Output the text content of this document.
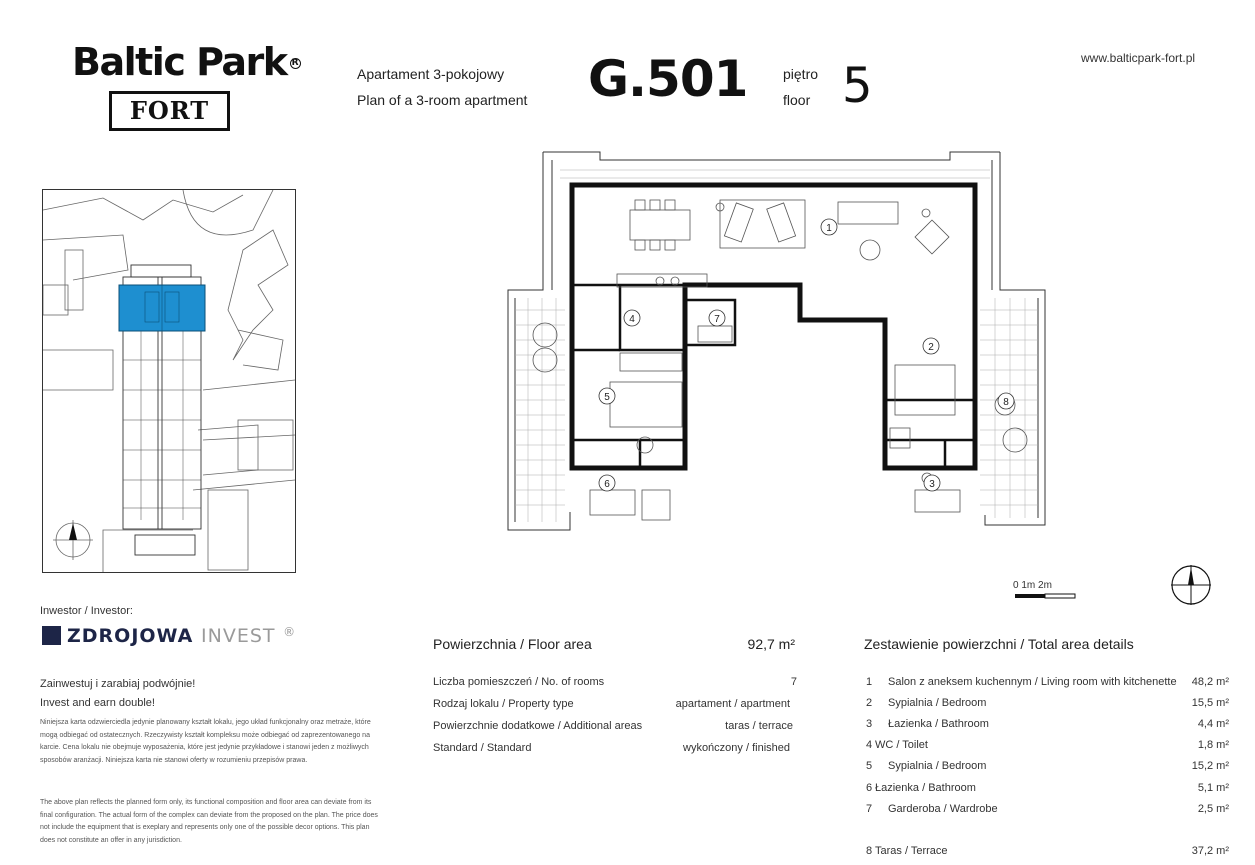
Baltic Park R
FORT
Apartament 3-pokojowy
Plan of a 3-room apartment G.501	piętro
floor 5	www.balticpark-fort.pl
1
2
3
4
5
6
7
8
0 1m 2m
Inwestor / Investor:
ZDROJOWA INVEST ®
Zainwestuj i zarabiaj podwójnie!
Invest and earn double!
Niniejsza karta odzwierciedla jedynie planowany kształt lokalu, jego układ funkcjonalny oraz metraże, które mogą odbiegać od ostatecznych. Rzeczywisty kształt kompleksu może odbiegać od zaprezentowanego na karcie. Cena lokalu nie obejmuje wyposażenia, które jest jedynie przykładowe i stanowi jeden z możliwych sposobów aranżacji. Niniejsza karta nie stanowi oferty w rozumieniu przepisów prawa.
The above plan reflects the planned form only, its functional composition and floor area can deviate from its final configuration. The actual form of the complex can deviate from the proposed on the plan. The price does not include the equipment that is exeplary and represents only one of the possible decor options. This plan does not constitute an offer in any jurisdiction.
Powierzchnia / Floor area	92,7 m²
Liczba pomieszczeń / No. of rooms	7
Rodzaj lokalu / Property type	apartament / apartment
Powierzchnie dodatkowe / Additional areas	taras / terrace
Standard / Standard	wykończony / finished
Zestawienie powierzchni / Total area details
1 Salon z aneksem kuchennym / Living room with kitchenette	48,2 m²
2 Sypialnia / Bedroom	15,5 m²
3 Łazienka / Bathroom	4,4 m²
4 WC / Toilet	1,8 m²
5 Sypialnia / Bedroom	15,2 m²
6 Łazienka / Bathroom	5,1 m²
7 Garderoba / Wardrobe	2,5 m²
8 Taras / Terrace	37,2 m²
